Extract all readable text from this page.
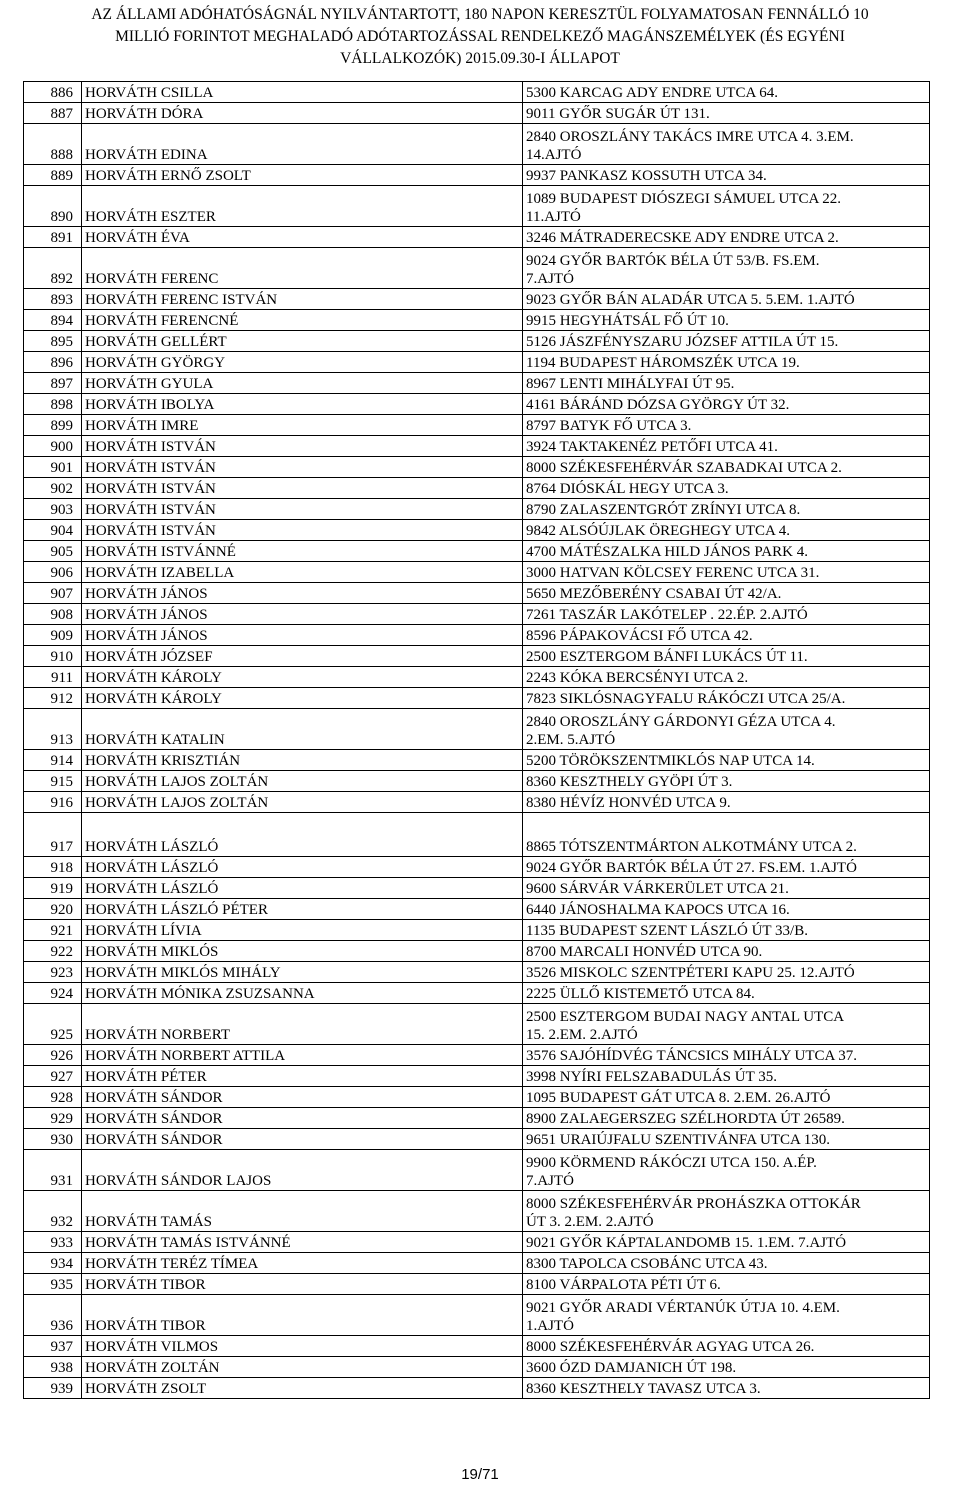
AZ ÁLLAMI ADÓHATÓSÁGNÁL NYILVÁNTARTOTT, 180 NAPON KERESZTÜL FOLYAMATOSAN FENNÁLLÓ 10
MILLIÓ FORINTOT MEGHALADÓ ADÓTARTOZÁSSAL RENDELKEZŐ MAGÁNSZEMÉLYEK (ÉS EGYÉNI
VÁLLALKOZÓK) 2015.09.30-I ÁLLAPOT
886	HORVÁTH CSILLA	5300 KARCAG ADY ENDRE UTCA 64.

887	HORVÁTH DÓRA	9011 GYŐR SUGÁR ÚT 131.

888	HORVÁTH EDINA	2840 OROSZLÁNY TAKÁCS IMRE UTCA 4. 3.EM.
14.AJTÓ

889	HORVÁTH ERNŐ ZSOLT	9937 PANKASZ KOSSUTH UTCA 34.

890	HORVÁTH ESZTER	1089 BUDAPEST DIÓSZEGI SÁMUEL UTCA 22.
11.AJTÓ

891	HORVÁTH ÉVA	3246 MÁTRADERECSKE ADY ENDRE UTCA 2.

892	HORVÁTH FERENC	9024 GYŐR BARTÓK BÉLA ÚT 53/B. FS.EM.
7.AJTÓ

893	HORVÁTH FERENC ISTVÁN	9023 GYŐR BÁN ALADÁR UTCA 5. 5.EM. 1.AJTÓ

894	HORVÁTH FERENCNÉ	9915 HEGYHÁTSÁL FŐ ÚT 10.

895	HORVÁTH GELLÉRT	5126 JÁSZFÉNYSZARU JÓZSEF ATTILA ÚT 15.

896	HORVÁTH GYÖRGY	1194 BUDAPEST HÁROMSZÉK UTCA 19.

897	HORVÁTH GYULA	8967 LENTI MIHÁLYFAI ÚT 95.

898	HORVÁTH IBOLYA	4161 BÁRÁND DÓZSA GYÖRGY ÚT 32.

899	HORVÁTH IMRE	8797 BATYK FŐ UTCA 3.

900	HORVÁTH ISTVÁN	3924 TAKTAKENÉZ PETŐFI UTCA 41.

901	HORVÁTH ISTVÁN	8000 SZÉKESFEHÉRVÁR SZABADKAI UTCA 2.

902	HORVÁTH ISTVÁN	8764 DIÓSKÁL HEGY UTCA 3.

903	HORVÁTH ISTVÁN	8790 ZALASZENTGRÓT ZRÍNYI UTCA 8.

904	HORVÁTH ISTVÁN	9842 ALSÓÚJLAK ÖREGHEGY UTCA 4.

905	HORVÁTH ISTVÁNNÉ	4700 MÁTÉSZALKA HILD JÁNOS PARK 4.

906	HORVÁTH IZABELLA	3000 HATVAN KÖLCSEY FERENC UTCA 31.

907	HORVÁTH JÁNOS	5650 MEZŐBERÉNY CSABAI ÚT 42/A.

908	HORVÁTH JÁNOS	7261 TASZÁR LAKÓTELEP . 22.ÉP. 2.AJTÓ

909	HORVÁTH JÁNOS	8596 PÁPAKOVÁCSI FŐ UTCA 42.

910	HORVÁTH JÓZSEF	2500 ESZTERGOM BÁNFI LUKÁCS ÚT 11.

911	HORVÁTH KÁROLY	2243 KÓKA BERCSÉNYI UTCA 2.

912	HORVÁTH KÁROLY	7823 SIKLÓSNAGYFALU RÁKÓCZI UTCA 25/A.

913	HORVÁTH KATALIN	2840 OROSZLÁNY GÁRDONYI GÉZA UTCA 4.
2.EM. 5.AJTÓ

914	HORVÁTH KRISZTIÁN	5200 TÖRÖKSZENTMIKLÓS NAP UTCA 14.

915	HORVÁTH LAJOS ZOLTÁN	8360 KESZTHELY GYÖPI ÚT 3.

916	HORVÁTH LAJOS ZOLTÁN	8380 HÉVÍZ HONVÉD UTCA 9.

917	HORVÁTH LÁSZLÓ	8865 TÓTSZENTMÁRTON ALKOTMÁNY UTCA 2.

918	HORVÁTH LÁSZLÓ	9024 GYŐR BARTÓK BÉLA ÚT 27. FS.EM. 1.AJTÓ

919	HORVÁTH LÁSZLÓ	9600 SÁRVÁR VÁRKERÜLET UTCA 21.

920	HORVÁTH LÁSZLÓ PÉTER	6440 JÁNOSHALMA KAPOCS UTCA 16.

921	HORVÁTH LÍVIA	1135 BUDAPEST SZENT LÁSZLÓ ÚT 33/B.

922	HORVÁTH MIKLÓS	8700 MARCALI HONVÉD UTCA 90.

923	HORVÁTH MIKLÓS MIHÁLY	3526 MISKOLC SZENTPÉTERI KAPU 25. 12.AJTÓ

924	HORVÁTH MÓNIKA ZSUZSANNA	2225 ÜLLŐ KISTEMETŐ UTCA 84.

925	HORVÁTH NORBERT	2500 ESZTERGOM BUDAI NAGY ANTAL UTCA
15. 2.EM. 2.AJTÓ

926	HORVÁTH NORBERT ATTILA	3576 SAJÓHÍDVÉG TÁNCSICS MIHÁLY UTCA 37.

927	HORVÁTH PÉTER	3998 NYÍRI FELSZABADULÁS ÚT 35.

928	HORVÁTH SÁNDOR	1095 BUDAPEST GÁT UTCA 8. 2.EM. 26.AJTÓ

929	HORVÁTH SÁNDOR	8900 ZALAEGERSZEG SZÉLHORDTA ÚT 26589.

930	HORVÁTH SÁNDOR	9651 URAIÚJFALU SZENTIVÁNFA UTCA 130.

931	HORVÁTH SÁNDOR LAJOS	9900 KÖRMEND RÁKÓCZI UTCA 150. A.ÉP.
7.AJTÓ

932	HORVÁTH TAMÁS	8000 SZÉKESFEHÉRVÁR PROHÁSZKA OTTOKÁR
ÚT 3. 2.EM. 2.AJTÓ

933	HORVÁTH TAMÁS ISTVÁNNÉ	9021 GYŐR KÁPTALANDOMB 15. 1.EM. 7.AJTÓ

934	HORVÁTH TERÉZ TÍMEA	8300 TAPOLCA CSOBÁNC UTCA 43.

935	HORVÁTH TIBOR	8100 VÁRPALOTA PÉTI ÚT 6.

936	HORVÁTH TIBOR	9021 GYŐR ARADI VÉRTANÚK ÚTJA 10. 4.EM.
1.AJTÓ

937	HORVÁTH VILMOS	8000 SZÉKESFEHÉRVÁR AGYAG UTCA 26.

938	HORVÁTH ZOLTÁN	3600 ÓZD DAMJANICH ÚT 198.

939	HORVÁTH ZSOLT	8360 KESZTHELY TAVASZ UTCA 3.
19/71
